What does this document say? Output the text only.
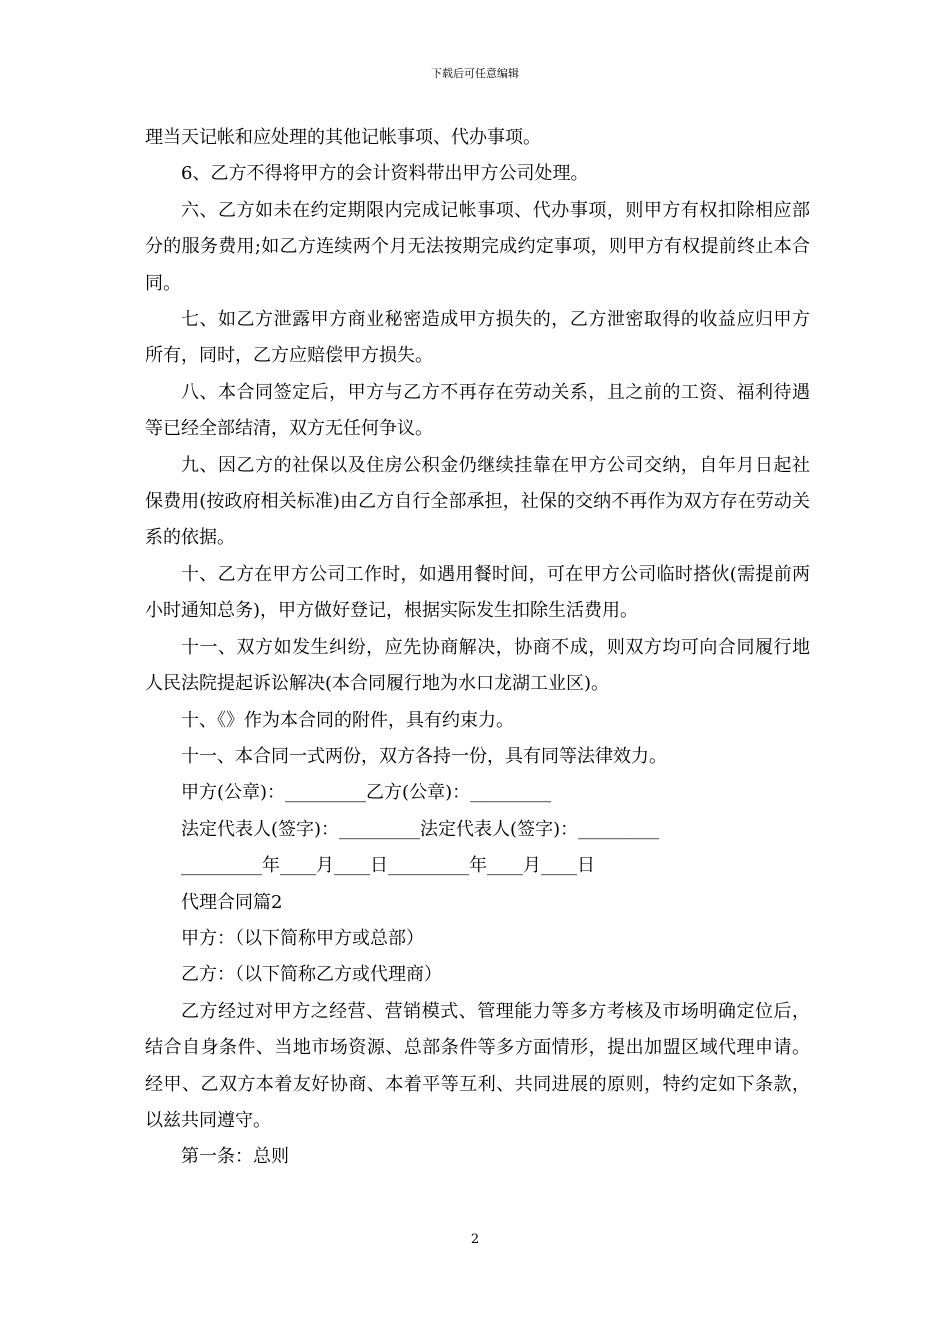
下载后可任意编辑

理当天记帐和应处理的其他记帐事项、代办事项。

6、乙方不得将甲方的会计资料带出甲方公司处理。

六、乙方如未在约定期限内完成记帐事项、代办事项，则甲方有权扣除相应部分的服务费用;如乙方连续两个月无法按期完成约定事项，则甲方有权提前终止本合同。

七、如乙方泄露甲方商业秘密造成甲方损失的，乙方泄密取得的收益应归甲方所有，同时，乙方应赔偿甲方损失。

八、本合同签定后，甲方与乙方不再存在劳动关系，且之前的工资、福利待遇等已经全部结清，双方无任何争议。

九、因乙方的社保以及住房公积金仍继续挂靠在甲方公司交纳，自年月日起社保费用(按政府相关标准)由乙方自行全部承担，社保的交纳不再作为双方存在劳动关系的依据。

十、乙方在甲方公司工作时，如遇用餐时间，可在甲方公司临时搭伙(需提前两小时通知总务)，甲方做好登记，根据实际发生扣除生活费用。

十一、双方如发生纠纷，应先协商解决，协商不成，则双方均可向合同履行地人民法院提起诉讼解决(本合同履行地为水口龙湖工业区)。

十、《》作为本合同的附件，具有约束力。

十一、本合同一式两份，双方各持一份，具有同等法律效力。

甲方(公章)：_________乙方(公章)：_________

法定代表人(签字)：_________法定代表人(签字)：_________

_________年____月____日_________年____月____日

代理合同篇2

甲方：（以下简称甲方或总部）

乙方：（以下简称乙方或代理商）

乙方经过对甲方之经营、营销模式、管理能力等多方考核及市场明确定位后，结合自身条件、当地市场资源、总部条件等多方面情形，提出加盟区域代理申请。经甲、乙双方本着友好协商、本着平等互利、共同进展的原则，特约定如下条款，以兹共同遵守。

第一条：总则

2
